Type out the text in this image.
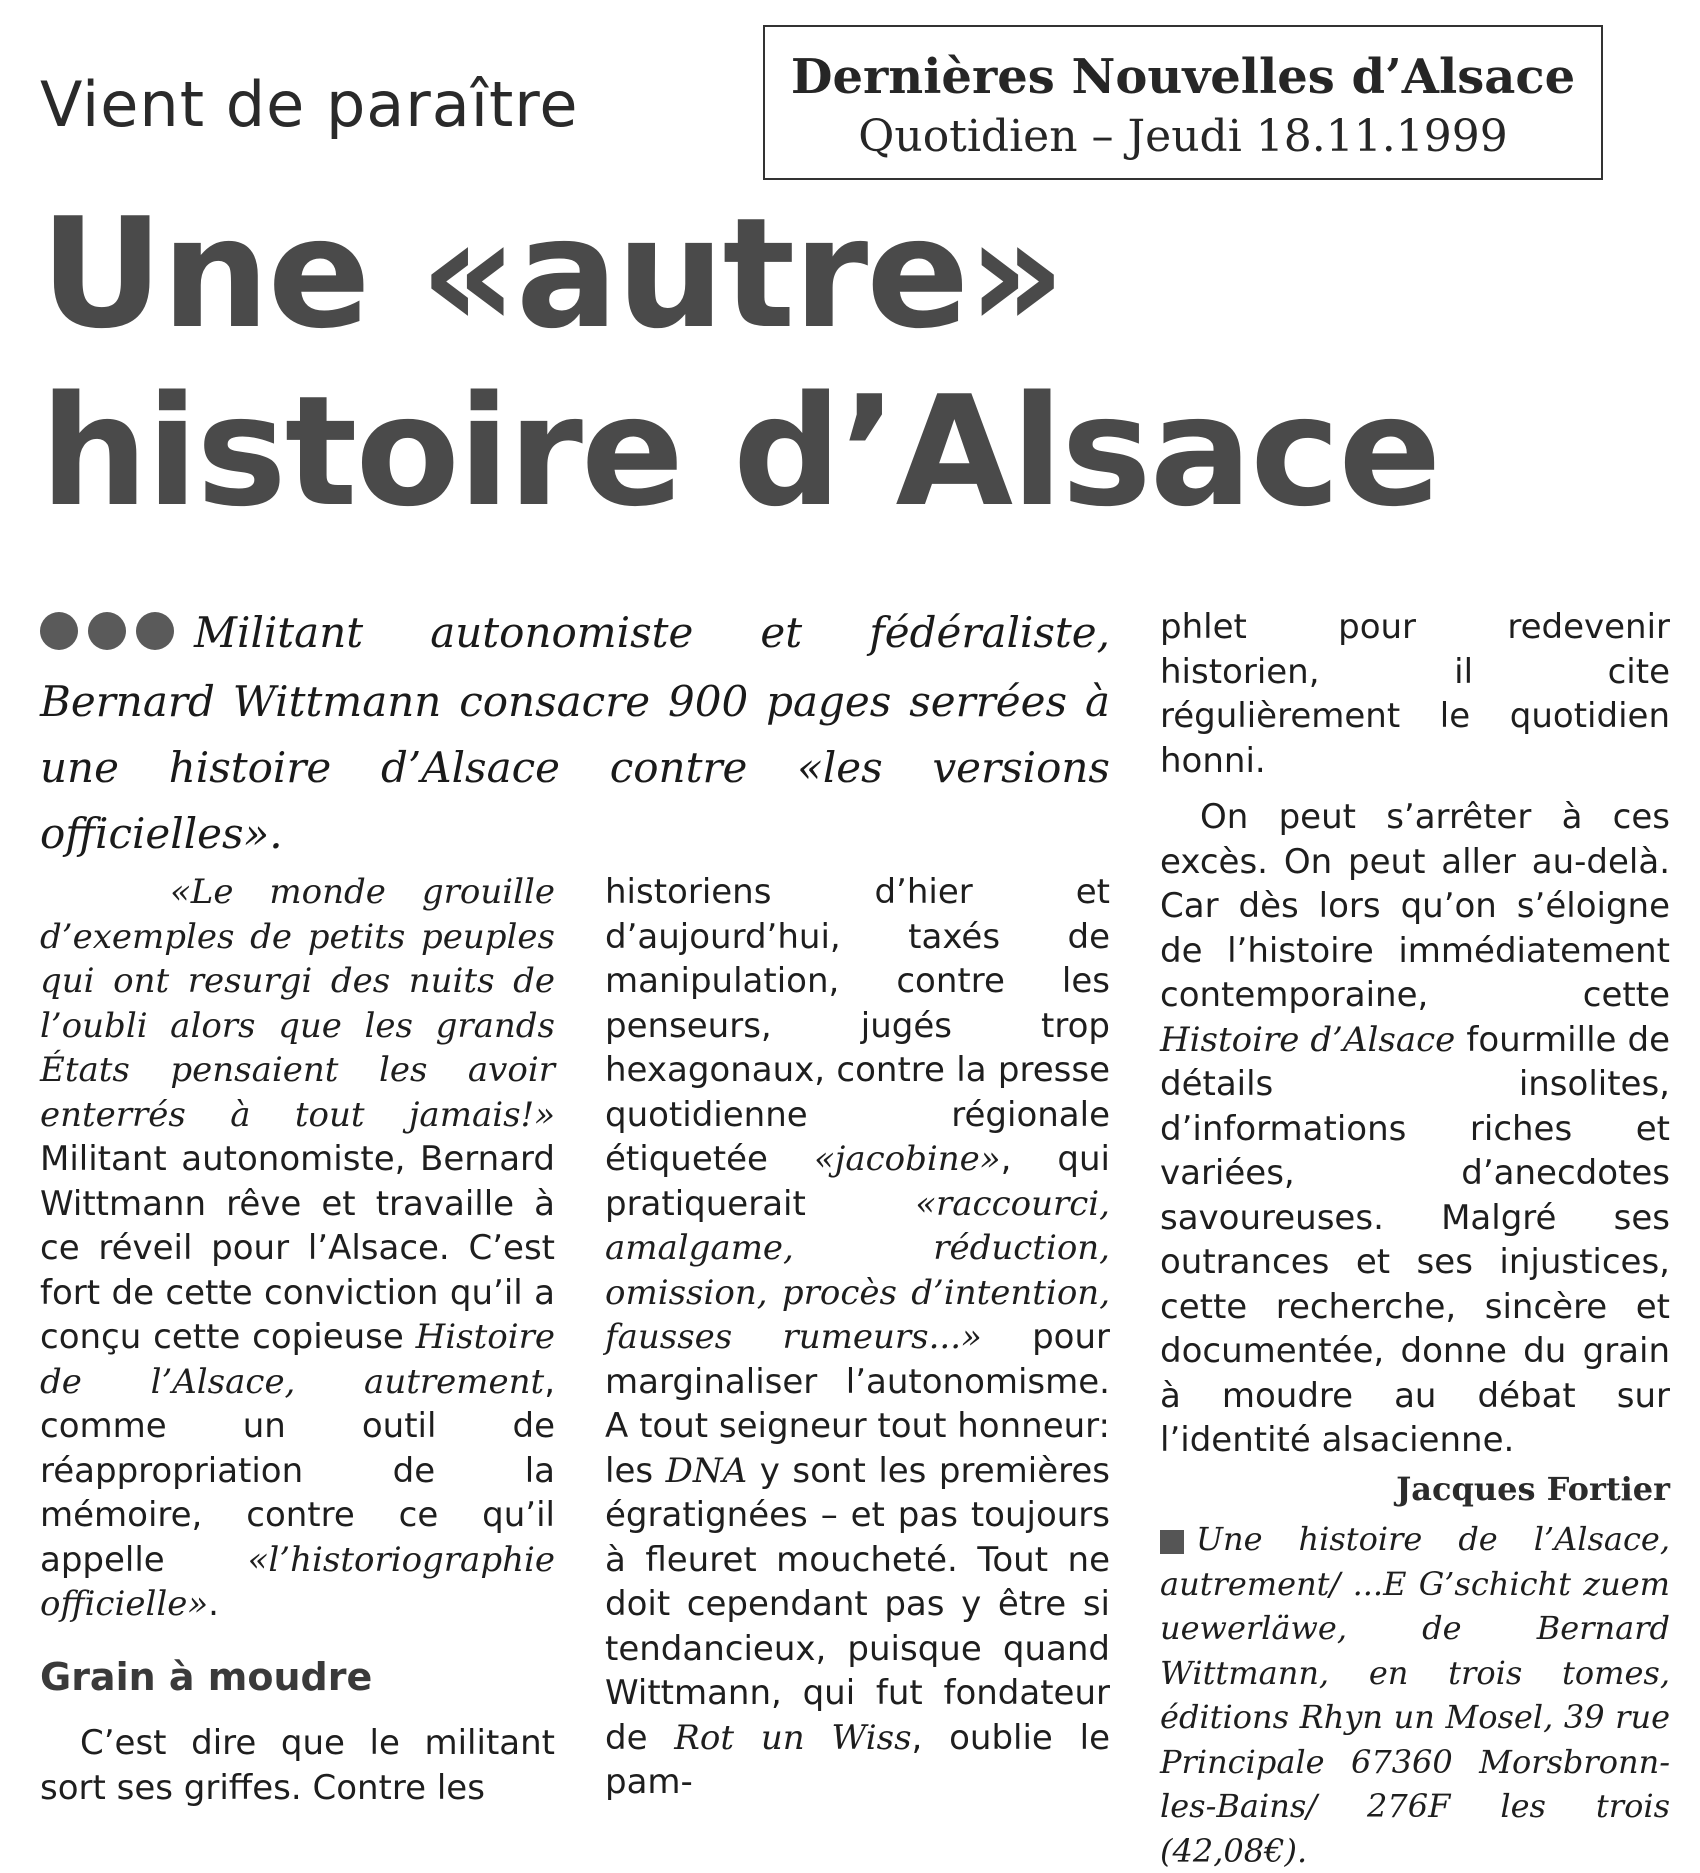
Vient de paraître	Dernières Nouvelles d’Alsace
Quotidien – Jeudi 18.11.1999
Une «autre»
histoire d’Alsace
Militant autonomiste et fédéraliste, Bernard Wittmann consacre 900 pages serrées à une histoire d’Alsace contre «les versions officielles».

«Le monde grouille d’exemples de petits peuples qui ont resurgi des nuits de l’oubli alors que les grands États pensaient les avoir enterrés à tout jamais!» Militant autonomiste, Bernard Wittmann rêve et travaille à ce réveil pour l’Alsace. C’est fort de cette conviction qu’il a conçu cette copieuse Histoire de l’Alsace, autrement, comme un outil de réappropriation de la mémoire, contre ce qu’il appelle «l’historiographie officielle».

Grain à moudre

C’est dire que le militant sort ses griffes. Contre les

historiens d’hier et d’aujourd’hui, taxés de manipulation, contre les penseurs, jugés trop hexagonaux, contre la presse quotidienne régionale étiquetée «jacobine», qui pratiquerait «raccourci, amalgame, réduction, omission, procès d’intention, fausses rumeurs...» pour marginaliser l’autonomisme. A tout seigneur tout honneur: les DNA y sont les premières égratignées – et pas toujours à fleuret moucheté. Tout ne doit cependant pas y être si tendancieux, puisque quand Wittmann, qui fut fondateur de Rot un Wiss, oublie le pam-

phlet pour redevenir historien, il cite régulièrement le quotidien honni.

On peut s’arrêter à ces excès. On peut aller au-delà. Car dès lors qu’on s’éloigne de l’histoire immédiatement contemporaine, cette Histoire d’Alsace fourmille de détails insolites, d’informations riches et variées, d’anecdotes savoureuses. Malgré ses outrances et ses injustices, cette recherche, sincère et documentée, donne du grain à moudre au débat sur l’identité alsacienne.

Jacques Fortier
Une histoire de l’Alsace, autrement/ ...E G’schicht zuem uewerläwe, de Bernard Wittmann, en trois tomes, éditions Rhyn un Mosel, 39 rue Principale 67360 Morsbronn-les-Bains/ 276F les trois (42,08€).
